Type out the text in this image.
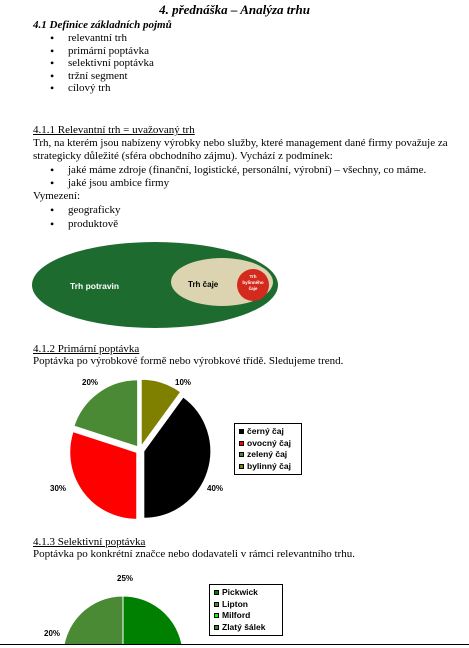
4. přednáška – Analýza trhu
4.1 Definice základních pojmů
• relevantní trh
• primární poptávka
• selektivní poptávka
• tržní segment
• cílový trh
4.1.1 Relevantní trh = uvažovaný trh
Trh, na kterém jsou nabízeny výrobky nebo služby, které management dané firmy považuje za strategicky důležité (sféra obchodního zájmu). Vychází z podmínek:
• jaké máme zdroje (finanční, logistické, personální, výrobní) – všechny, co máme.
• jaké jsou ambice firmy
Vymezení:
• geograficky
• produktově
Trh potravin	Trh čaje
Trh
bylinného
čaje
4.1.2 Primární poptávka
Poptávka po výrobkové formě nebo výrobkové třídě. Sledujeme trend.
20%	10%
40%
30%
černý čaj
ovocný čaj
zelený čaj
bylinný čaj
4.1.3 Selektivní poptávka
Poptávka po konkrétní značce nebo dodavateli v rámci relevantního trhu.
25%
20%
Pickwick
Lipton
Milford
Zlatý šálek
